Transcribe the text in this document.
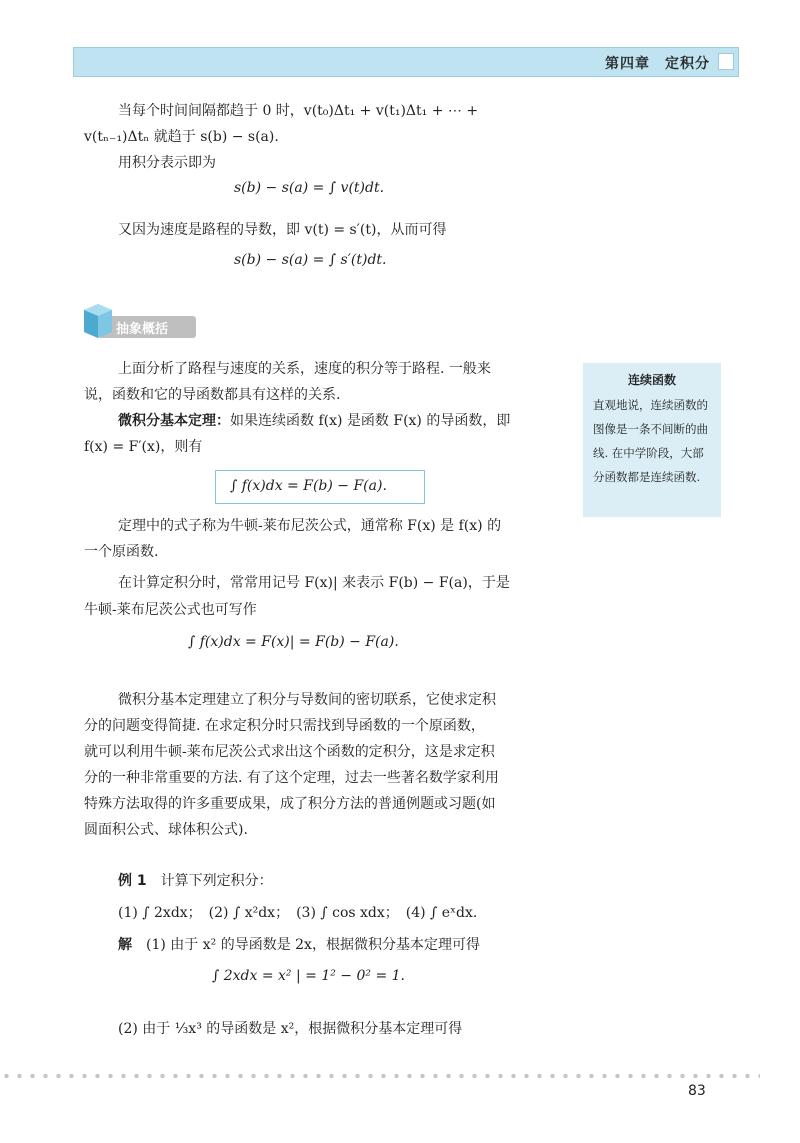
第四章　定积分
当每个时间间隔都趋于 0 时，v(t₀)Δt₁ + v(t₁)Δt₁ + ⋯ +
v(tₙ₋₁)Δtₙ 就趋于 s(b) − s(a).
用积分表示即为
s(b) − s(a) = ∫ v(t)dt.
又因为速度是路程的导数，即 v(t) = s′(t)，从而可得
s(b) − s(a) = ∫ s′(t)dt.
抽象概括
上面分析了路程与速度的关系，速度的积分等于路程. 一般来
说，函数和它的导函数都具有这样的关系.
微积分基本定理：如果连续函数 f(x) 是函数 F(x) 的导函数，即
f(x) = F′(x)，则有
∫ f(x)dx = F(b) − F(a).
连续函数
直观地说，连续函数的图像是一条不间断的曲线. 在中学阶段，大部分函数都是连续函数.
定理中的式子称为牛顿-莱布尼茨公式，通常称 F(x) 是 f(x) 的
一个原函数.
在计算定积分时，常常用记号 F(x)| 来表示 F(b) − F(a)，于是
牛顿-莱布尼茨公式也可写作
∫ f(x)dx = F(x)| = F(b) − F(a).
微积分基本定理建立了积分与导数间的密切联系，它使求定积
分的问题变得简捷. 在求定积分时只需找到导函数的一个原函数，
就可以利用牛顿-莱布尼茨公式求出这个函数的定积分，这是求定积
分的一种非常重要的方法. 有了这个定理，过去一些著名数学家利用
特殊方法取得的许多重要成果，成了积分方法的普通例题或习题(如
圆面积公式、球体积公式).
例 1　 计算下列定积分：
(1) ∫ 2xdx；　(2) ∫ x²dx；　(3) ∫ cos xdx；　(4) ∫ eˣdx.
解　 (1) 由于 x² 的导函数是 2x，根据微积分基本定理可得
∫ 2xdx = x² | = 1² − 0² = 1.
(2) 由于 ⅓x³ 的导函数是 x²，根据微积分基本定理可得
83
